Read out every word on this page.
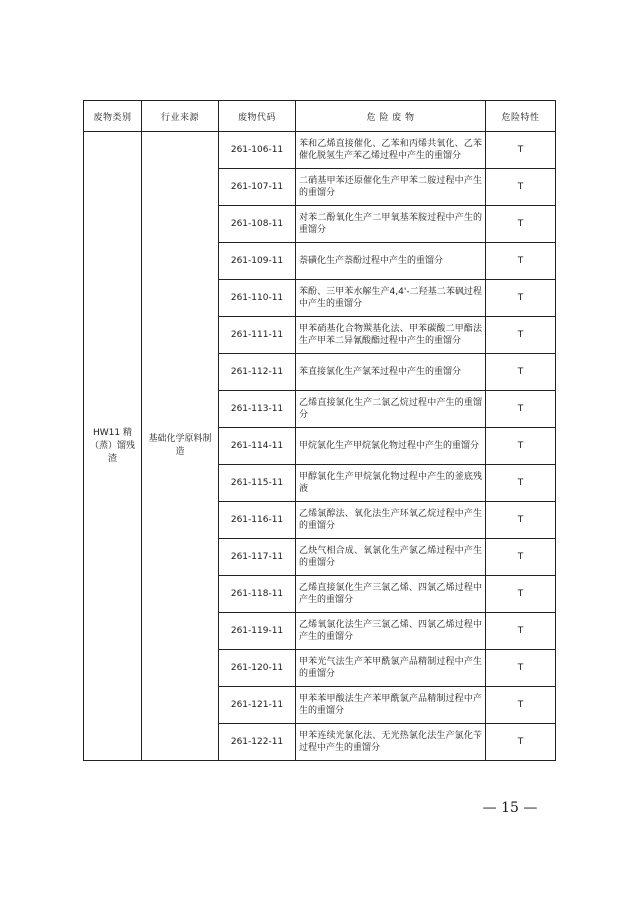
废物类别	行业来源	废物代码	危 险 废 物	危险特性
HW11 精（蒸）馏残渣	基础化学原料制造	261-106-11	苯和乙烯直接催化、乙苯和丙烯共氧化、乙苯催化脱氢生产苯乙烯过程中产生的重馏分	T
		261-107-11	二硝基甲苯还原催化生产甲苯二胺过程中产生的重馏分	T
		261-108-11	对苯二酚氧化生产二甲氧基苯胺过程中产生的重馏分	T
		261-109-11	萘磺化生产萘酚过程中产生的重馏分	T
		261-110-11	苯酚、三甲苯水解生产4,4'-二羟基二苯砜过程中产生的重馏分	T
		261-111-11	甲苯硝基化合物羰基化法、甲苯碳酸二甲酯法生产甲苯二异氰酸酯过程中产生的重馏分	T
		261-112-11	苯直接氯化生产氯苯过程中产生的重馏分	T
		261-113-11	乙烯直接氯化生产二氯乙烷过程中产生的重馏分	T
		261-114-11	甲烷氯化生产甲烷氯化物过程中产生的重馏分	T
		261-115-11	甲醇氯化生产甲烷氯化物过程中产生的釜底残液	T
		261-116-11	乙烯氯醇法、氧化法生产环氧乙烷过程中产生的重馏分	T
		261-117-11	乙炔气相合成、氧氯化生产氯乙烯过程中产生的重馏分	T
		261-118-11	乙烯直接氯化生产三氯乙烯、四氯乙烯过程中产生的重馏分	T
		261-119-11	乙烯氧氯化法生产三氯乙烯、四氯乙烯过程中产生的重馏分	T
		261-120-11	甲苯光气法生产苯甲酰氯产品精制过程中产生的重馏分	T
		261-121-11	甲苯苯甲酸法生产苯甲酰氯产品精制过程中产生的重馏分	T
		261-122-11	甲苯连续光氯化法、无光热氯化法生产氯化苄过程中产生的重馏分	T
— 15 —
